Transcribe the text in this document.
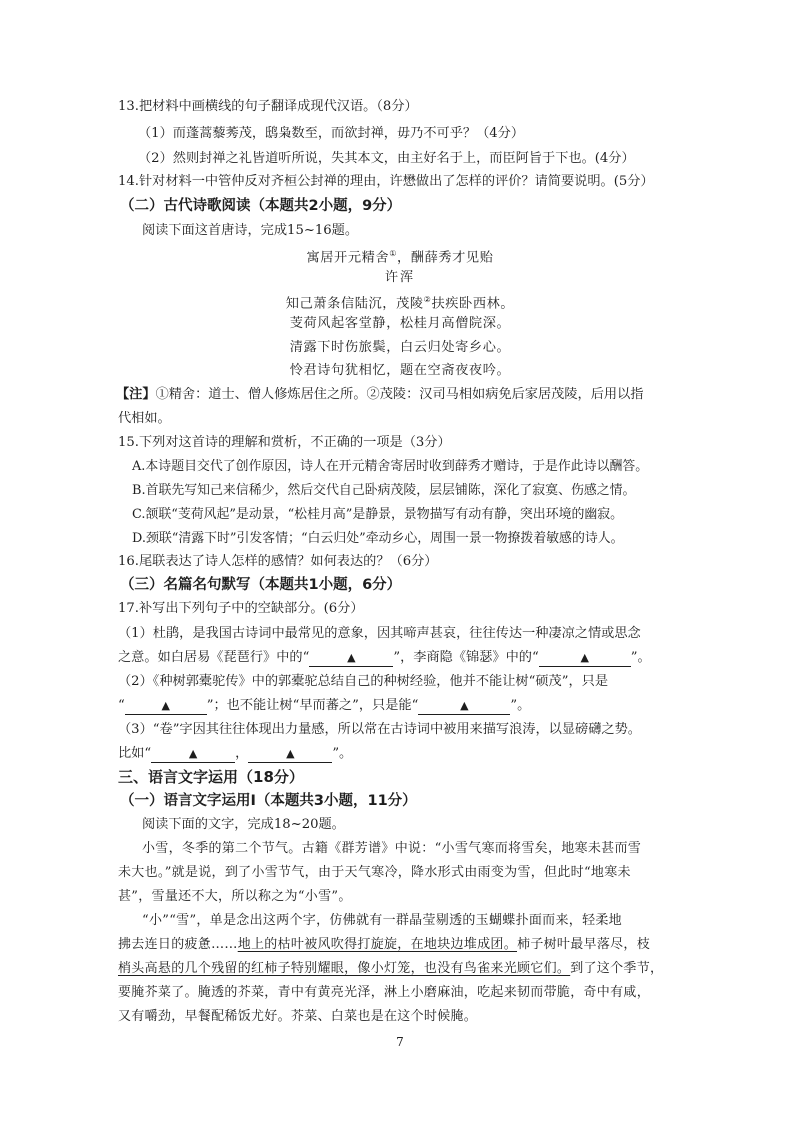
13.把材料中画横线的句子翻译成现代汉语。（8分）
（1）而蓬蒿藜莠茂，鸱枭数至，而欲封禅，毋乃不可乎？（4分）
（2）然则封禅之礼皆道听所说，失其本文，由主好名于上，而臣阿旨于下也。(4分）
14.针对材料一中管仲反对齐桓公封禅的理由，许懋做出了怎样的评价？请简要说明。(5分）
（二）古代诗歌阅读（本题共2小题，9分）
阅读下面这首唐诗，完成15~16题。
寓居开元精舍①，酬薛秀才见贻
许浑
知己萧条信陆沉，茂陵②扶疾卧西林。
芰荷风起客堂静，松桂月高僧院深。
清露下时伤旅鬓，白云归处寄乡心。
怜君诗句犹相忆，题在空斋夜夜吟。
【注】①精舍：道士、僧人修炼居住之所。②茂陵：汉司马相如病免后家居茂陵，后用以指
代相如。
15.下列对这首诗的理解和赏析，不正确的一项是（3分）
A.本诗题目交代了创作原因，诗人在开元精舍寄居时收到薛秀才赠诗，于是作此诗以酬答。
B.首联先写知己来信稀少，然后交代自己卧病茂陵，层层铺陈，深化了寂寞、伤感之情。
C.颔联“芰荷风起”是动景，“松桂月高”是静景，景物描写有动有静，突出环境的幽寂。
D.颈联“清露下时”引发客情；“白云归处”牵动乡心，周围一景一物撩拨着敏感的诗人。
16.尾联表达了诗人怎样的感情？如何表达的？（6分）
（三）名篇名句默写（本题共1小题，6分）
17.补写出下列句子中的空缺部分。(6分）
（1）杜鹃，是我国古诗词中最常见的意象，因其啼声甚哀，往往传达一种凄凉之情或思念
之意。如白居易《琵琶行》中的“	▲	”，李商隐《锦瑟》中的“	▲	”。
（2）《种树郭橐驼传》中的郭橐驼总结自己的种树经验，他并不能让树“硕茂”，只是
“	▲	”；也不能让树“早而蕃之”，只是能“	▲	”。
（3）“卷”字因其往往体现出力量感，所以常在古诗词中被用来描写浪涛，以显磅礴之势。
比如“	▲	，	▲	”。
三、语言文字运用（18分）
（一）语言文字运用Ⅰ（本题共3小题，11分）
阅读下面的文字，完成18~20题。
小雪，冬季的第二个节气。古籍《群芳谱》中说：“小雪气寒而将雪矣，地寒未甚而雪
未大也。”就是说，到了小雪节气，由于天气寒冷，降水形式由雨变为雪，但此时“地寒未
甚”，雪量还不大，所以称之为“小雪”。
“小”“雪”，单是念出这两个字，仿佛就有一群晶莹剔透的玉蝴蝶扑面而来，轻柔地
拂去连日的疲惫……地上的枯叶被风吹得打旋旋，在地块边堆成团。柿子树叶最早落尽，枝
梢头高悬的几个残留的红柿子特别耀眼，像小灯笼，也没有鸟雀来光顾它们。到了这个季节，
要腌芥菜了。腌透的芥菜，青中有黄亮光泽，淋上小磨麻油，吃起来韧而带脆，奇中有咸，
又有嚼劲，早餐配稀饭尤好。芥菜、白菜也是在这个时候腌。
7
